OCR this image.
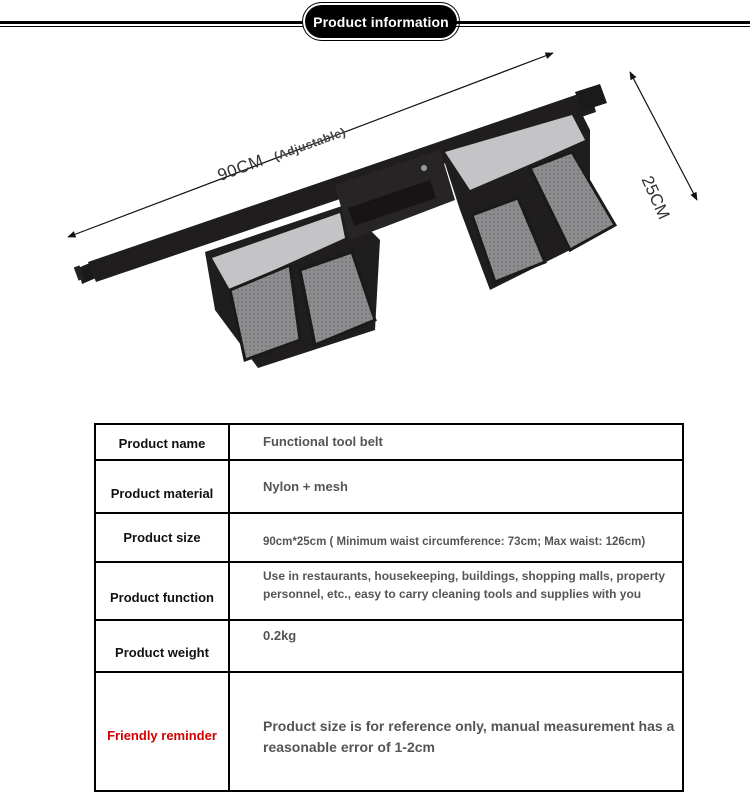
Product information
90CM(Adjustable)
25CM
Product name	Functional tool belt
Product material	Nylon + mesh
Product size	90cm*25cm ( Minimum waist circumference: 73cm; Max waist: 126cm)
Product function	Use in restaurants, housekeeping, buildings, shopping malls, property personnel, etc., easy to carry cleaning tools and supplies with you
Product weight	0.2kg
Friendly reminder	Product size is for reference only, manual measurement has a reasonable error of 1-2cm
